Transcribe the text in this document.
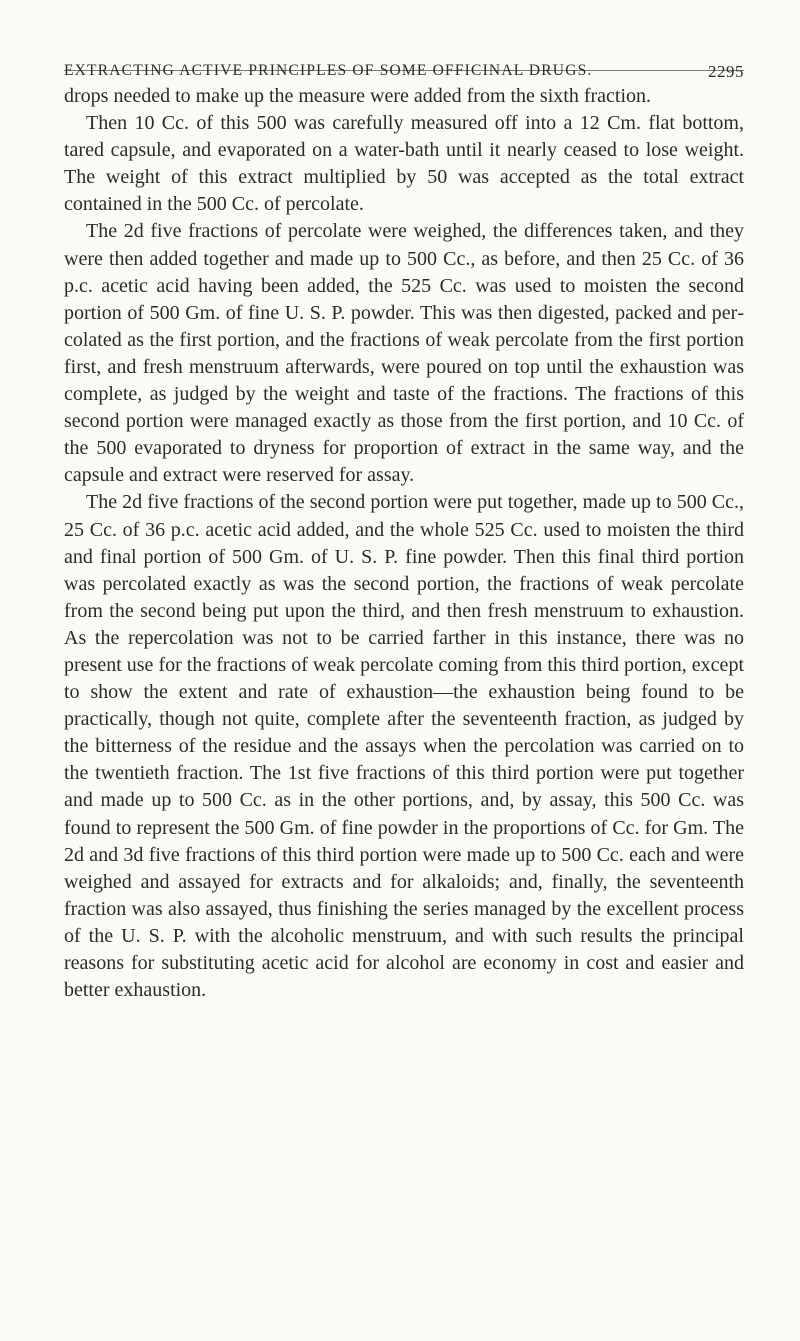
EXTRACTING ACTIVE PRINCIPLES OF SOME OFFICINAL DRUGS.	2295

drops needed to make up the measure were added from the sixth fraction.

Then 10 Cc. of this 500 was carefully measured off into a 12 Cm. flat bottom, tared capsule, and evaporated on a water-bath until it nearly ceased to lose weight. The weight of this extract multiplied by 50 was accepted as the total extract contained in the 500 Cc. of percolate.

The 2d five fractions of percolate were weighed, the differences taken, and they were then added together and made up to 500 Cc., as before, and then 25 Cc. of 36 p.c. acetic acid having been added, the 525 Cc. was used to moisten the second portion of 500 Gm. of fine U. S. P. powder. This was then digested, packed and percolated as the first portion, and the fractions of weak percolate from the first portion first, and fresh menstruum afterwards, were poured on top until the exhaustion was complete, as judged by the weight and taste of the fractions. The fractions of this second portion were managed exactly as those from the first portion, and 10 Cc. of the 500 evaporated to dryness for proportion of extract in the same way, and the capsule and extract were reserved for assay.

The 2d five fractions of the second portion were put together, made up to 500 Cc., 25 Cc. of 36 p.c. acetic acid added, and the whole 525 Cc. used to moisten the third and final portion of 500 Gm. of U. S. P. fine powder. Then this final third portion was percolated exactly as was the second portion, the fractions of weak percolate from the second being put upon the third, and then fresh menstruum to exhaustion. As the repercolation was not to be carried farther in this instance, there was no present use for the fractions of weak percolate coming from this third portion, except to show the extent and rate of exhaustion—the exhaustion being found to be practically, though not quite, complete after the seventeenth fraction, as judged by the bitterness of the residue and the assays when the percolation was carried on to the twentieth fraction. The 1st five fractions of this third portion were put together and made up to 500 Cc. as in the other portions, and, by assay, this 500 Cc. was found to represent the 500 Gm. of fine powder in the proportions of Cc. for Gm. The 2d and 3d five fractions of this third portion were made up to 500 Cc. each and were weighed and assayed for extracts and for alkaloids; and, finally, the seventeenth fraction was also assayed, thus finishing the series managed by the excellent process of the U. S. P. with the alcoholic menstruum, and with such results the principal reasons for substituting acetic acid for alcohol are economy in cost and easier and better exhaustion.
